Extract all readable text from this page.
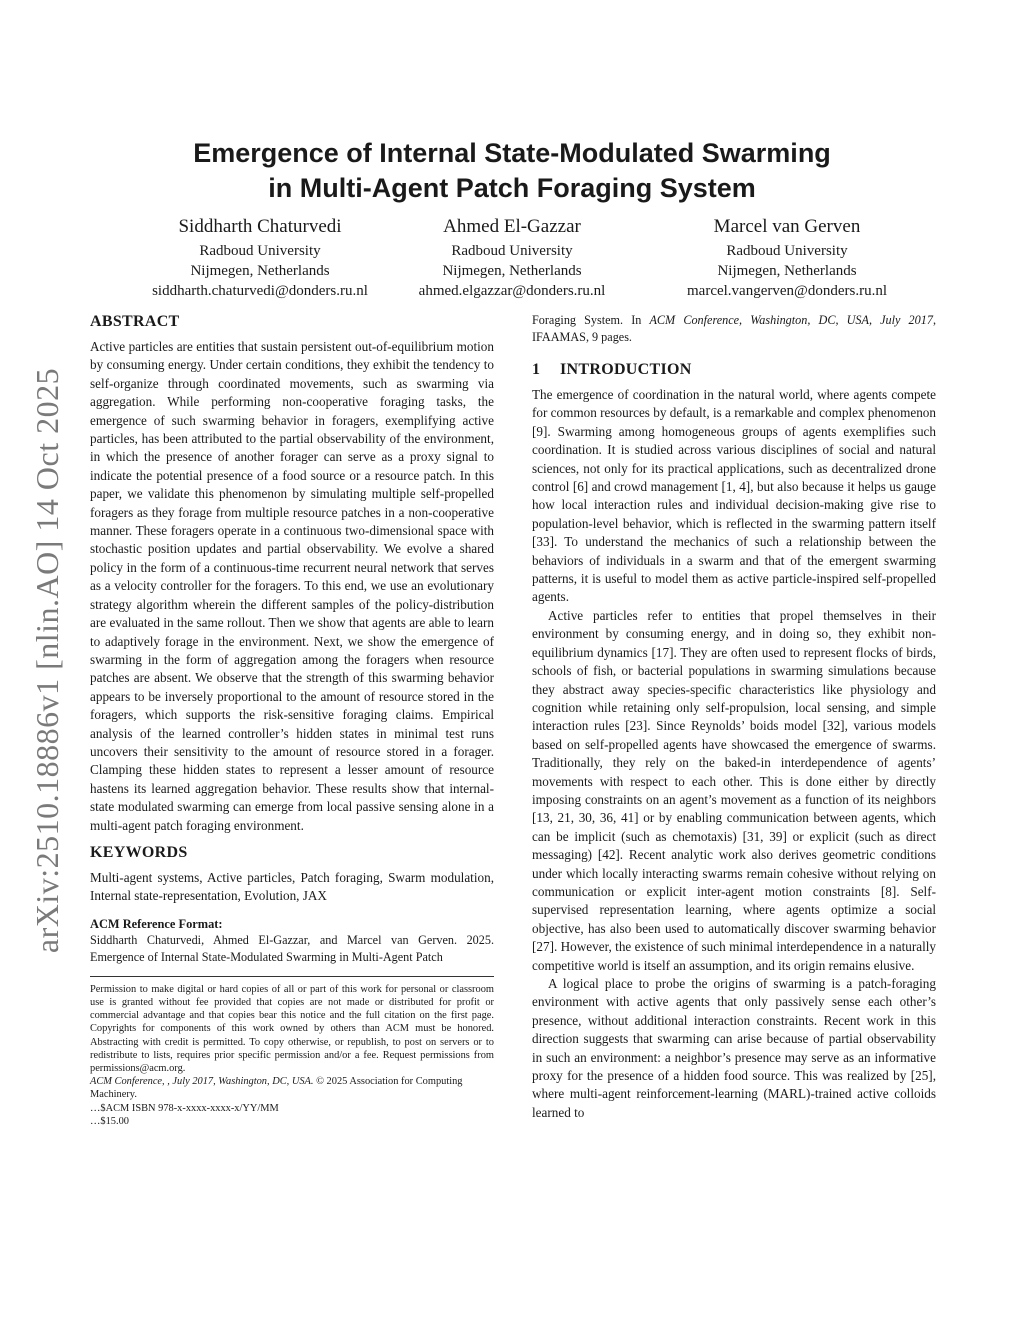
arXiv:2510.18886v1 [nlin.AO] 14 Oct 2025
Emergence of Internal State-Modulated Swarming
in Multi-Agent Patch Foraging System
Siddharth Chaturvedi
Radboud University
Nijmegen, Netherlands
siddharth.chaturvedi@donders.ru.nl
Ahmed El-Gazzar
Radboud University
Nijmegen, Netherlands
ahmed.elgazzar@donders.ru.nl
Marcel van Gerven
Radboud University
Nijmegen, Netherlands
marcel.vangerven@donders.ru.nl
ABSTRACT

Active particles are entities that sustain persistent out-of-equilibrium motion by consuming energy. Under certain conditions, they exhibit the tendency to self-organize through coordinated movements, such as swarming via aggregation. While performing non-cooperative foraging tasks, the emergence of such swarming behavior in foragers, exemplifying active particles, has been attributed to the partial observability of the environment, in which the presence of another forager can serve as a proxy signal to indicate the potential presence of a food source or a resource patch. In this paper, we validate this phenomenon by simulating multiple self-propelled foragers as they forage from multiple resource patches in a non-cooperative manner. These foragers operate in a continuous two-dimensional space with stochastic position updates and partial observability. We evolve a shared policy in the form of a continuous-time recurrent neural network that serves as a velocity controller for the foragers. To this end, we use an evolutionary strategy algorithm wherein the different samples of the policy-distribution are evaluated in the same rollout. Then we show that agents are able to learn to adaptively forage in the environment. Next, we show the emergence of swarming in the form of aggregation among the foragers when resource patches are absent. We observe that the strength of this swarming behavior appears to be inversely proportional to the amount of resource stored in the foragers, which supports the risk-sensitive foraging claims. Empirical analysis of the learned controller’s hidden states in minimal test runs uncovers their sensitivity to the amount of resource stored in a forager. Clamping these hidden states to represent a lesser amount of resource hastens its learned aggregation behavior. These results show that internal-state modulated swarming can emerge from local passive sensing alone in a multi-agent patch foraging environment.

KEYWORDS

Multi-agent systems, Active particles, Patch foraging, Swarm modulation, Internal state-representation, Evolution, JAX

ACM Reference Format:

Siddharth Chaturvedi, Ahmed El-Gazzar, and Marcel van Gerven. 2025. Emergence of Internal State-Modulated Swarming in Multi-Agent Patch

Permission to make digital or hard copies of all or part of this work for personal or classroom use is granted without fee provided that copies are not made or distributed for profit or commercial advantage and that copies bear this notice and the full citation on the first page. Copyrights for components of this work owned by others than ACM must be honored. Abstracting with credit is permitted. To copy otherwise, or republish, to post on servers or to redistribute to lists, requires prior specific permission and/or a fee. Request permissions from permissions@acm.org.

ACM Conference, , July 2017, Washington, DC, USA. © 2025 Association for Computing Machinery.
…$ACM ISBN 978-x-xxxx-xxxx-x/YY/MM
…$15.00

Foraging System. In ACM Conference, Washington, DC, USA, July 2017, IFAAMAS, 9 pages.

1 INTRODUCTION

The emergence of coordination in the natural world, where agents compete for common resources by default, is a remarkable and complex phenomenon [9]. Swarming among homogeneous groups of agents exemplifies such coordination. It is studied across various disciplines of social and natural sciences, not only for its practical applications, such as decentralized drone control [6] and crowd management [1, 4], but also because it helps us gauge how local interaction rules and individual decision-making give rise to population-level behavior, which is reflected in the swarming pattern itself [33]. To understand the mechanics of such a relationship between the behaviors of individuals in a swarm and that of the emergent swarming patterns, it is useful to model them as active particle-inspired self-propelled agents.

Active particles refer to entities that propel themselves in their environment by consuming energy, and in doing so, they exhibit non-equilibrium dynamics [17]. They are often used to represent flocks of birds, schools of fish, or bacterial populations in swarming simulations because they abstract away species-specific characteristics like physiology and cognition while retaining only self-propulsion, local sensing, and simple interaction rules [23]. Since Reynolds’ boids model [32], various models based on self-propelled agents have showcased the emergence of swarms. Traditionally, they rely on the baked-in interdependence of agents’ movements with respect to each other. This is done either by directly imposing constraints on an agent’s movement as a function of its neighbors [13, 21, 30, 36, 41] or by enabling communication between agents, which can be implicit (such as chemotaxis) [31, 39] or explicit (such as direct messaging) [42]. Recent analytic work also derives geometric conditions under which locally interacting swarms remain cohesive without relying on communication or explicit inter-agent motion constraints [8]. Self-supervised representation learning, where agents optimize a social objective, has also been used to automatically discover swarming behavior [27]. However, the existence of such minimal interdependence in a naturally competitive world is itself an assumption, and its origin remains elusive.

A logical place to probe the origins of swarming is a patch-foraging environment with active agents that only passively sense each other’s presence, without additional interaction constraints. Recent work in this direction suggests that swarming can arise because of partial observability in such an environment: a neighbor’s presence may serve as an informative proxy for the presence of a hidden food source. This was realized by [25], where multi-agent reinforcement-learning (MARL)-trained active colloids learned to
